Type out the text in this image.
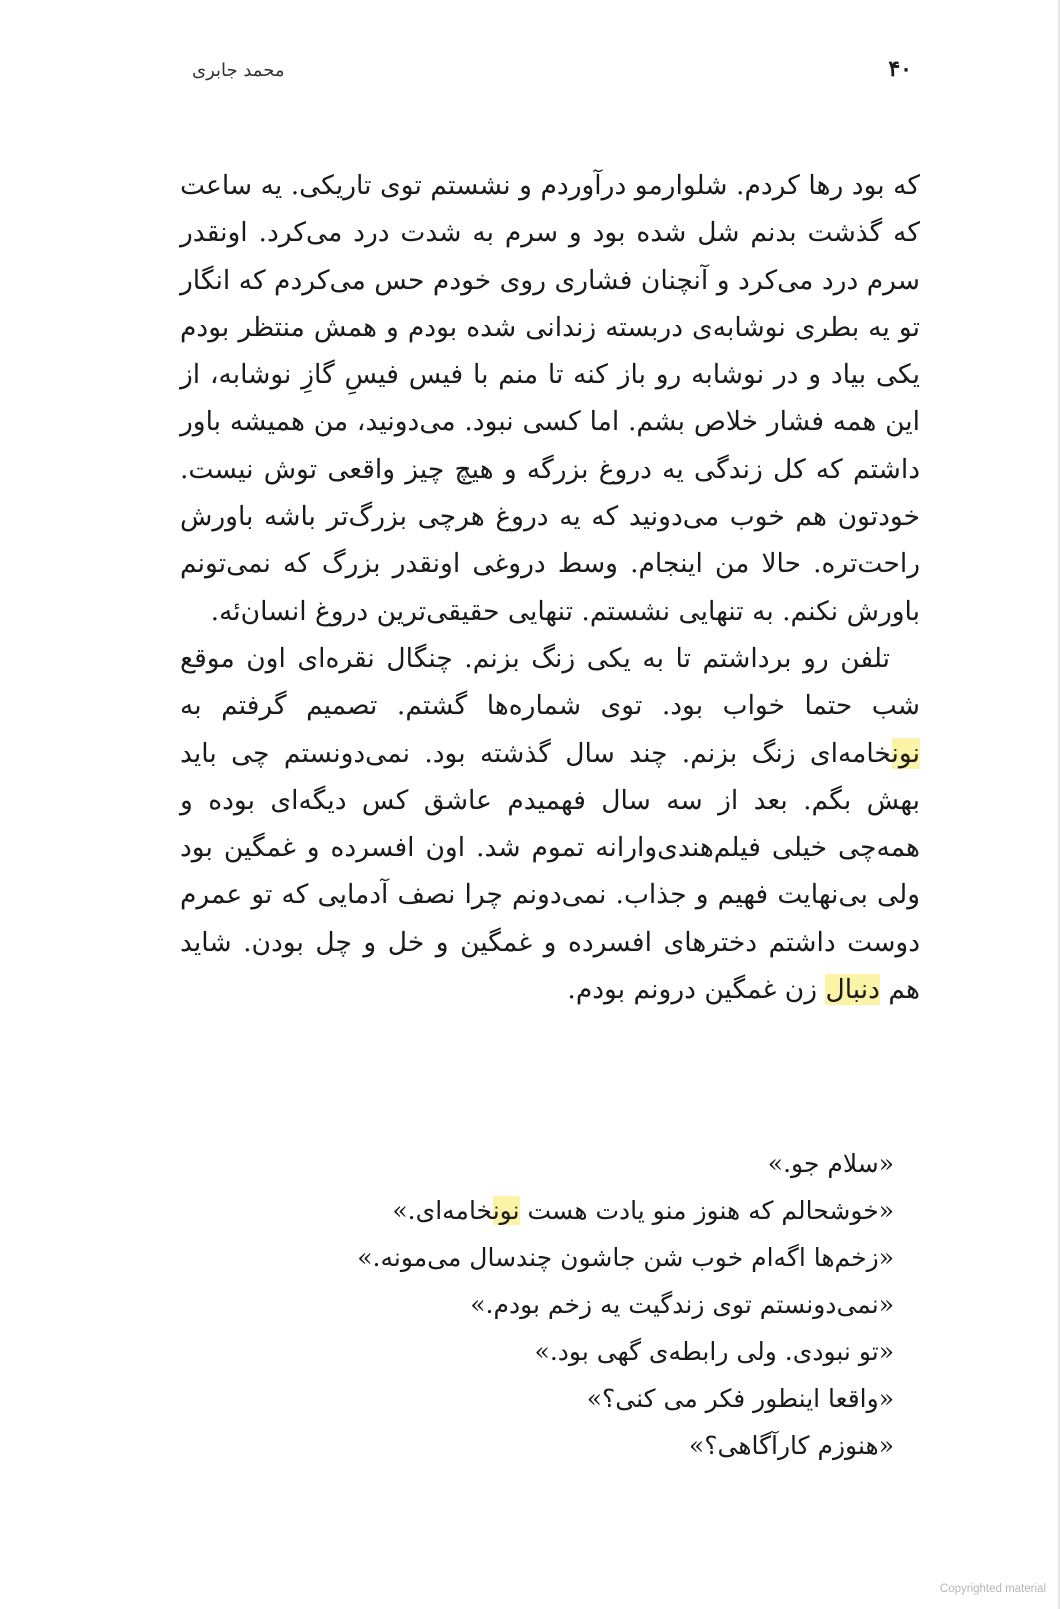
۴۰
محمد جابری

که بود رها کردم. شلوارمو درآوردم و نشستم توی تاریکی. یه ساعت که گذشت بدنم شل شده بود و سرم به شدت درد می‌کرد. اونقدر سرم درد می‌کرد و آنچنان فشاری روی خودم حس می‌کردم که انگار تو یه بطری نوشابه‌ی دربسته زندانی شده بودم و همش منتظر بودم یکی بیاد و در نوشابه رو باز کنه تا منم با فیس فیسِ گازِ نوشابه، از این همه فشار خلاص بشم. اما کسی نبود. می‌دونید، من همیشه باور داشتم که کل زندگی یه دروغ بزرگه و هیچ چیز واقعی توش نیست. خودتون هم خوب می‌دونید که یه دروغ هرچی بزرگ‌تر باشه باورش راحت‌تره. حالا من اینجام. وسط دروغی اونقدر بزرگ که نمی‌تونم باورش نکنم. به تنهایی نشستم. تنهایی حقیقی‌ترین دروغ انسان‌ئه.

تلفن رو برداشتم تا به یکی زنگ بزنم. چنگال نقره‌ای اون موقع شب حتما خواب بود. توی شماره‌ها گشتم. تصمیم گرفتم به نونخامه‌ای زنگ بزنم. چند سال گذشته بود. نمی‌دونستم چی باید بهش بگم. بعد از سه سال فهمیدم عاشق کس دیگه‌ای بوده و همه‌چی خیلی فیلم‌هندی‌وارانه تموم شد. اون افسرده و غمگین بود ولی بی‌نهایت فهیم و جذاب. نمی‌دونم چرا نصف آدمایی که تو عمرم دوست داشتم دخترهای افسرده و غمگین و خل و چل بودن. شاید هم دنبال زن غمگین درونم بودم.

«سلام جو.»
«خوشحالم که هنوز منو یادت هست نونخامه‌ای.»
«زخم‌ها اگه‌ام خوب شن جاشون چندسال می‌مونه.»
«نمی‌دونستم توی زندگیت یه زخم بودم.»
«تو نبودی. ولی رابطه‌ی گهی بود.»
«واقعا اینطور فکر می کنی؟»
«هنوزم کارآگاهی؟»
Copyrighted material
